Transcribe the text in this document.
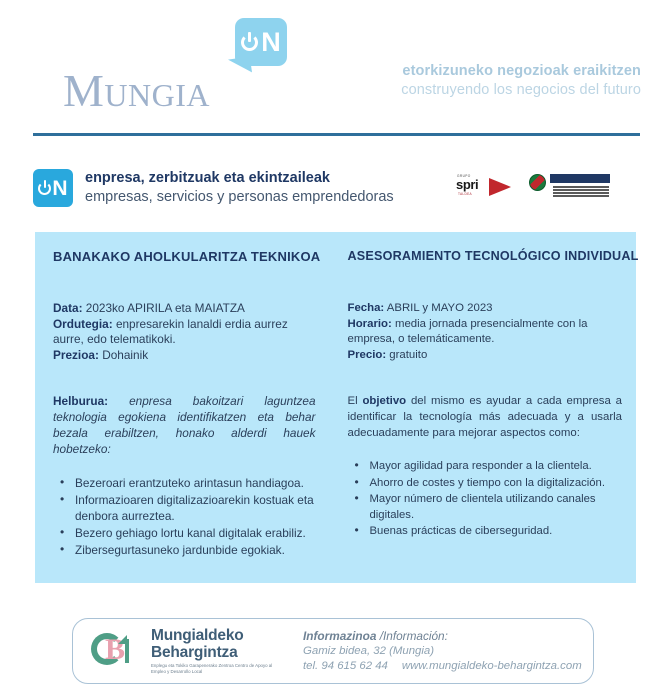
Mungia
N
etorkizuneko negozioak eraikitzen
construyendo los negocios del futuro
N enpresa, zerbitzuak eta ekintzaileak
empresas, servicios y personas emprendedoras
GRUPO
spri
TALDEA
BANAKAKO AHOLKULARITZA TEKNIKOA
Data: 2023ko APIRILA eta MAIATZA
Ordutegia: enpresarekin lanaldi erdia aurrez aurre, edo telematikoki.
Prezioa: Dohainik
Helburua: enpresa bakoitzari laguntzea teknologia egokiena identifikatzen eta behar bezala erabiltzen, honako alderdi hauek hobetzeko:
• Bezeroari erantzuteko arintasun handiagoa.
• Informazioaren digitalizazioarekin kostuak eta denbora aurreztea.
• Bezero gehiago lortu kanal digitalak erabiliz.
• Zibersegurtasuneko jardunbide egokiak.
ASESORAMIENTO TECNOLÓGICO INDIVIDUAL
Fecha: ABRIL y MAYO 2023
Horario: media jornada presencialmente con la empresa, o telemáticamente.
Precio: gratuito
El objetivo del mismo es ayudar a cada empresa a identificar la tecnología más adecuada y a usarla adecuadamente para mejorar aspectos como:
• Mayor agilidad para responder a la clientela.
• Ahorro de costes y tiempo con la digitalización.
• Mayor número de clientela utilizando canales digitales.
• Buenas prácticas de ciberseguridad.
B Mungialdeko
Behargintza
Enplegu eta Tokiko Garapenerako Zentroa Centro de Apoyo al Empleo y Desarrollo Local
Informazinoa /Información:
Gamiz bidea, 32 (Mungia)
tel. 94 615 62 44 www.mungialdeko-behargintza.com
